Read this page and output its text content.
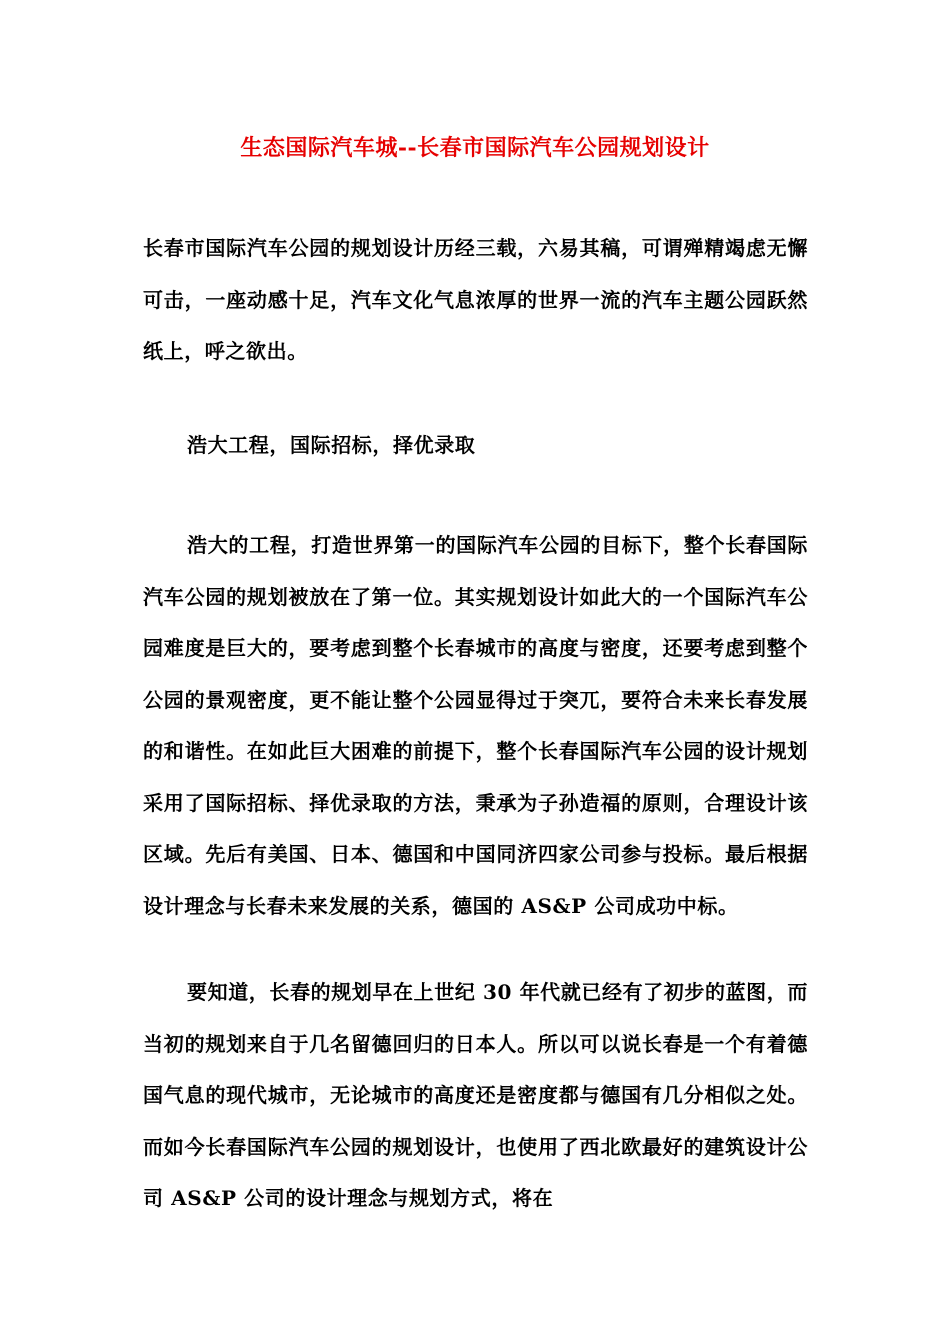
生态国际汽车城--长春市国际汽车公园规划设计

长春市国际汽车公园的规划设计历经三载，六易其稿，可谓殚精竭虑无懈可击，一座动感十足，汽车文化气息浓厚的世界一流的汽车主题公园跃然纸上，呼之欲出。

浩大工程，国际招标，择优录取

浩大的工程，打造世界第一的国际汽车公园的目标下，整个长春国际汽车公园的规划被放在了第一位。其实规划设计如此大的一个国际汽车公园难度是巨大的，要考虑到整个长春城市的高度与密度，还要考虑到整个公园的景观密度，更不能让整个公园显得过于突兀，要符合未来长春发展的和谐性。在如此巨大困难的前提下，整个长春国际汽车公园的设计规划采用了国际招标、择优录取的方法，秉承为子孙造福的原则，合理设计该区域。先后有美国、日本、德国和中国同济四家公司参与投标。最后根据设计理念与长春未来发展的关系，德国的 AS&P 公司成功中标。

要知道，长春的规划早在上世纪 30 年代就已经有了初步的蓝图，而当初的规划来自于几名留德回归的日本人。所以可以说长春是一个有着德国气息的现代城市，无论城市的高度还是密度都与德国有几分相似之处。而如今长春国际汽车公园的规划设计，也使用了西北欧最好的建筑设计公司 AS&P 公司的设计理念与规划方式，将在
